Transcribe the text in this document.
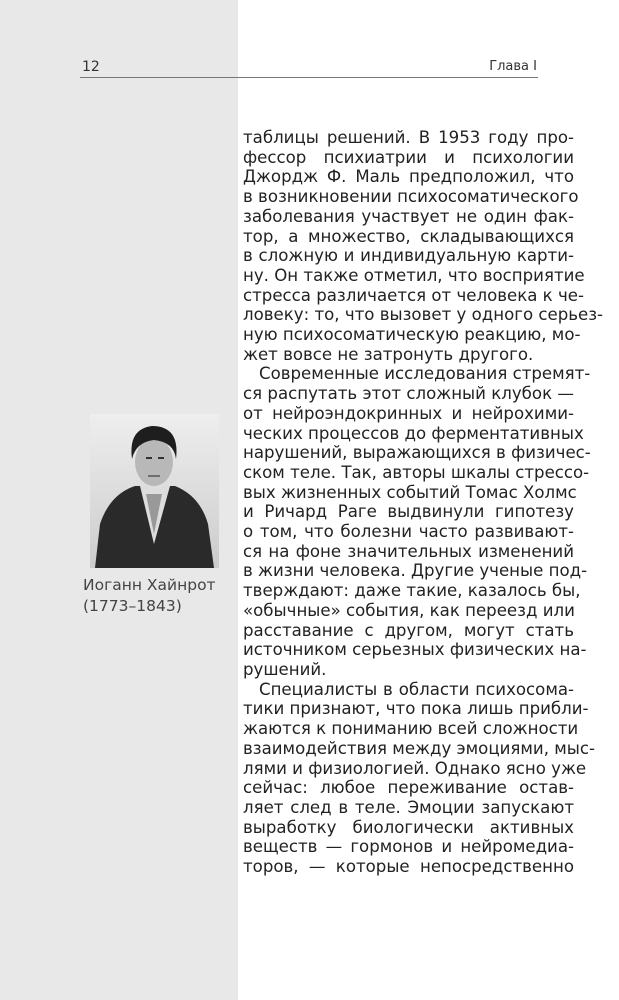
12	Глава I
Иоганн Хайнрот
(1773–1843)
таблицы решений. В 1953 году про-
фессор психиатрии и психологии
Джордж Ф. Маль предположил, что
в возникновении психосоматического
заболевания участвует не один фак-
тор, а множество, складывающихся
в сложную и индивидуальную карти-
ну. Он также отметил, что восприятие
стресса различается от человека к че-
ловеку: то, что вызовет у одного серьез-
ную психосоматическую реакцию, мо-
жет вовсе не затронуть другого.
Современные исследования стремят-
ся распутать этот сложный клубок —
от нейроэндокринных и нейрохими-
ческих процессов до ферментативных
нарушений, выражающихся в физичес-
ском теле. Так, авторы шкалы стрессо-
вых жизненных событий Томас Холмс
и Ричард Раге выдвинули гипотезу
о том, что болезни часто развивают-
ся на фоне значительных изменений
в жизни человека. Другие ученые под-
тверждают: даже такие, казалось бы,
«обычные» события, как переезд или
расставание с другом, могут стать
источником серьезных физических на-
рушений.
Специалисты в области психосома-
тики признают, что пока лишь прибли-
жаются к пониманию всей сложности
взаимодействия между эмоциями, мыс-
лями и физиологией. Однако ясно уже
сейчас: любое переживание остав-
ляет след в теле. Эмоции запускают
выработку биологически активных
веществ — гормонов и нейромедиа-
торов, — которые непосредственно
